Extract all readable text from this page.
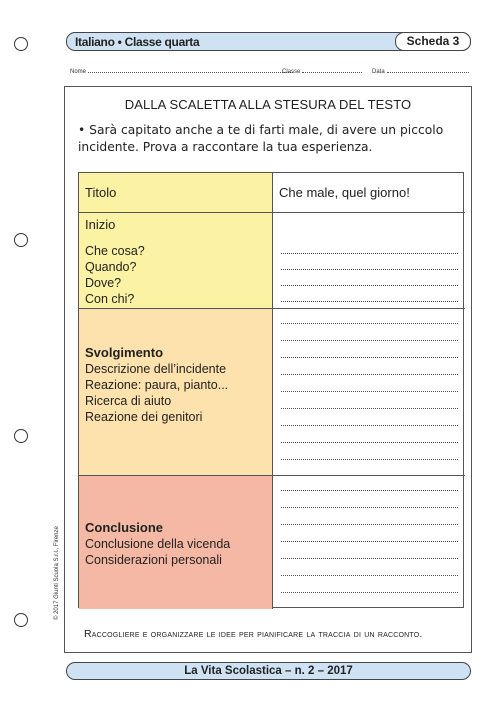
Italiano • Classe quarta	Scheda 3
Nome	Classe	Data
DALLA SCALETTA ALLA STESURA DEL TESTO
• Sarà capitato anche a te di farti male, di avere un piccolo incidente. Prova a raccontare la tua esperienza.
Titolo	Che male, quel giorno!
Inizio
Che cosa?
Quando?
Dove?
Con chi?
Svolgimento
Descrizione dell’incidente
Reazione: paura, pianto...
Ricerca di aiuto
Reazione dei genitori
Conclusione
Conclusione della vicenda
Considerazioni personali
Raccogliere e organizzare le idee per pianificare la traccia di un racconto.
La Vita Scolastica – n. 2 – 2017
© 2017 Giunti Scuola S.r.l., Firenze
